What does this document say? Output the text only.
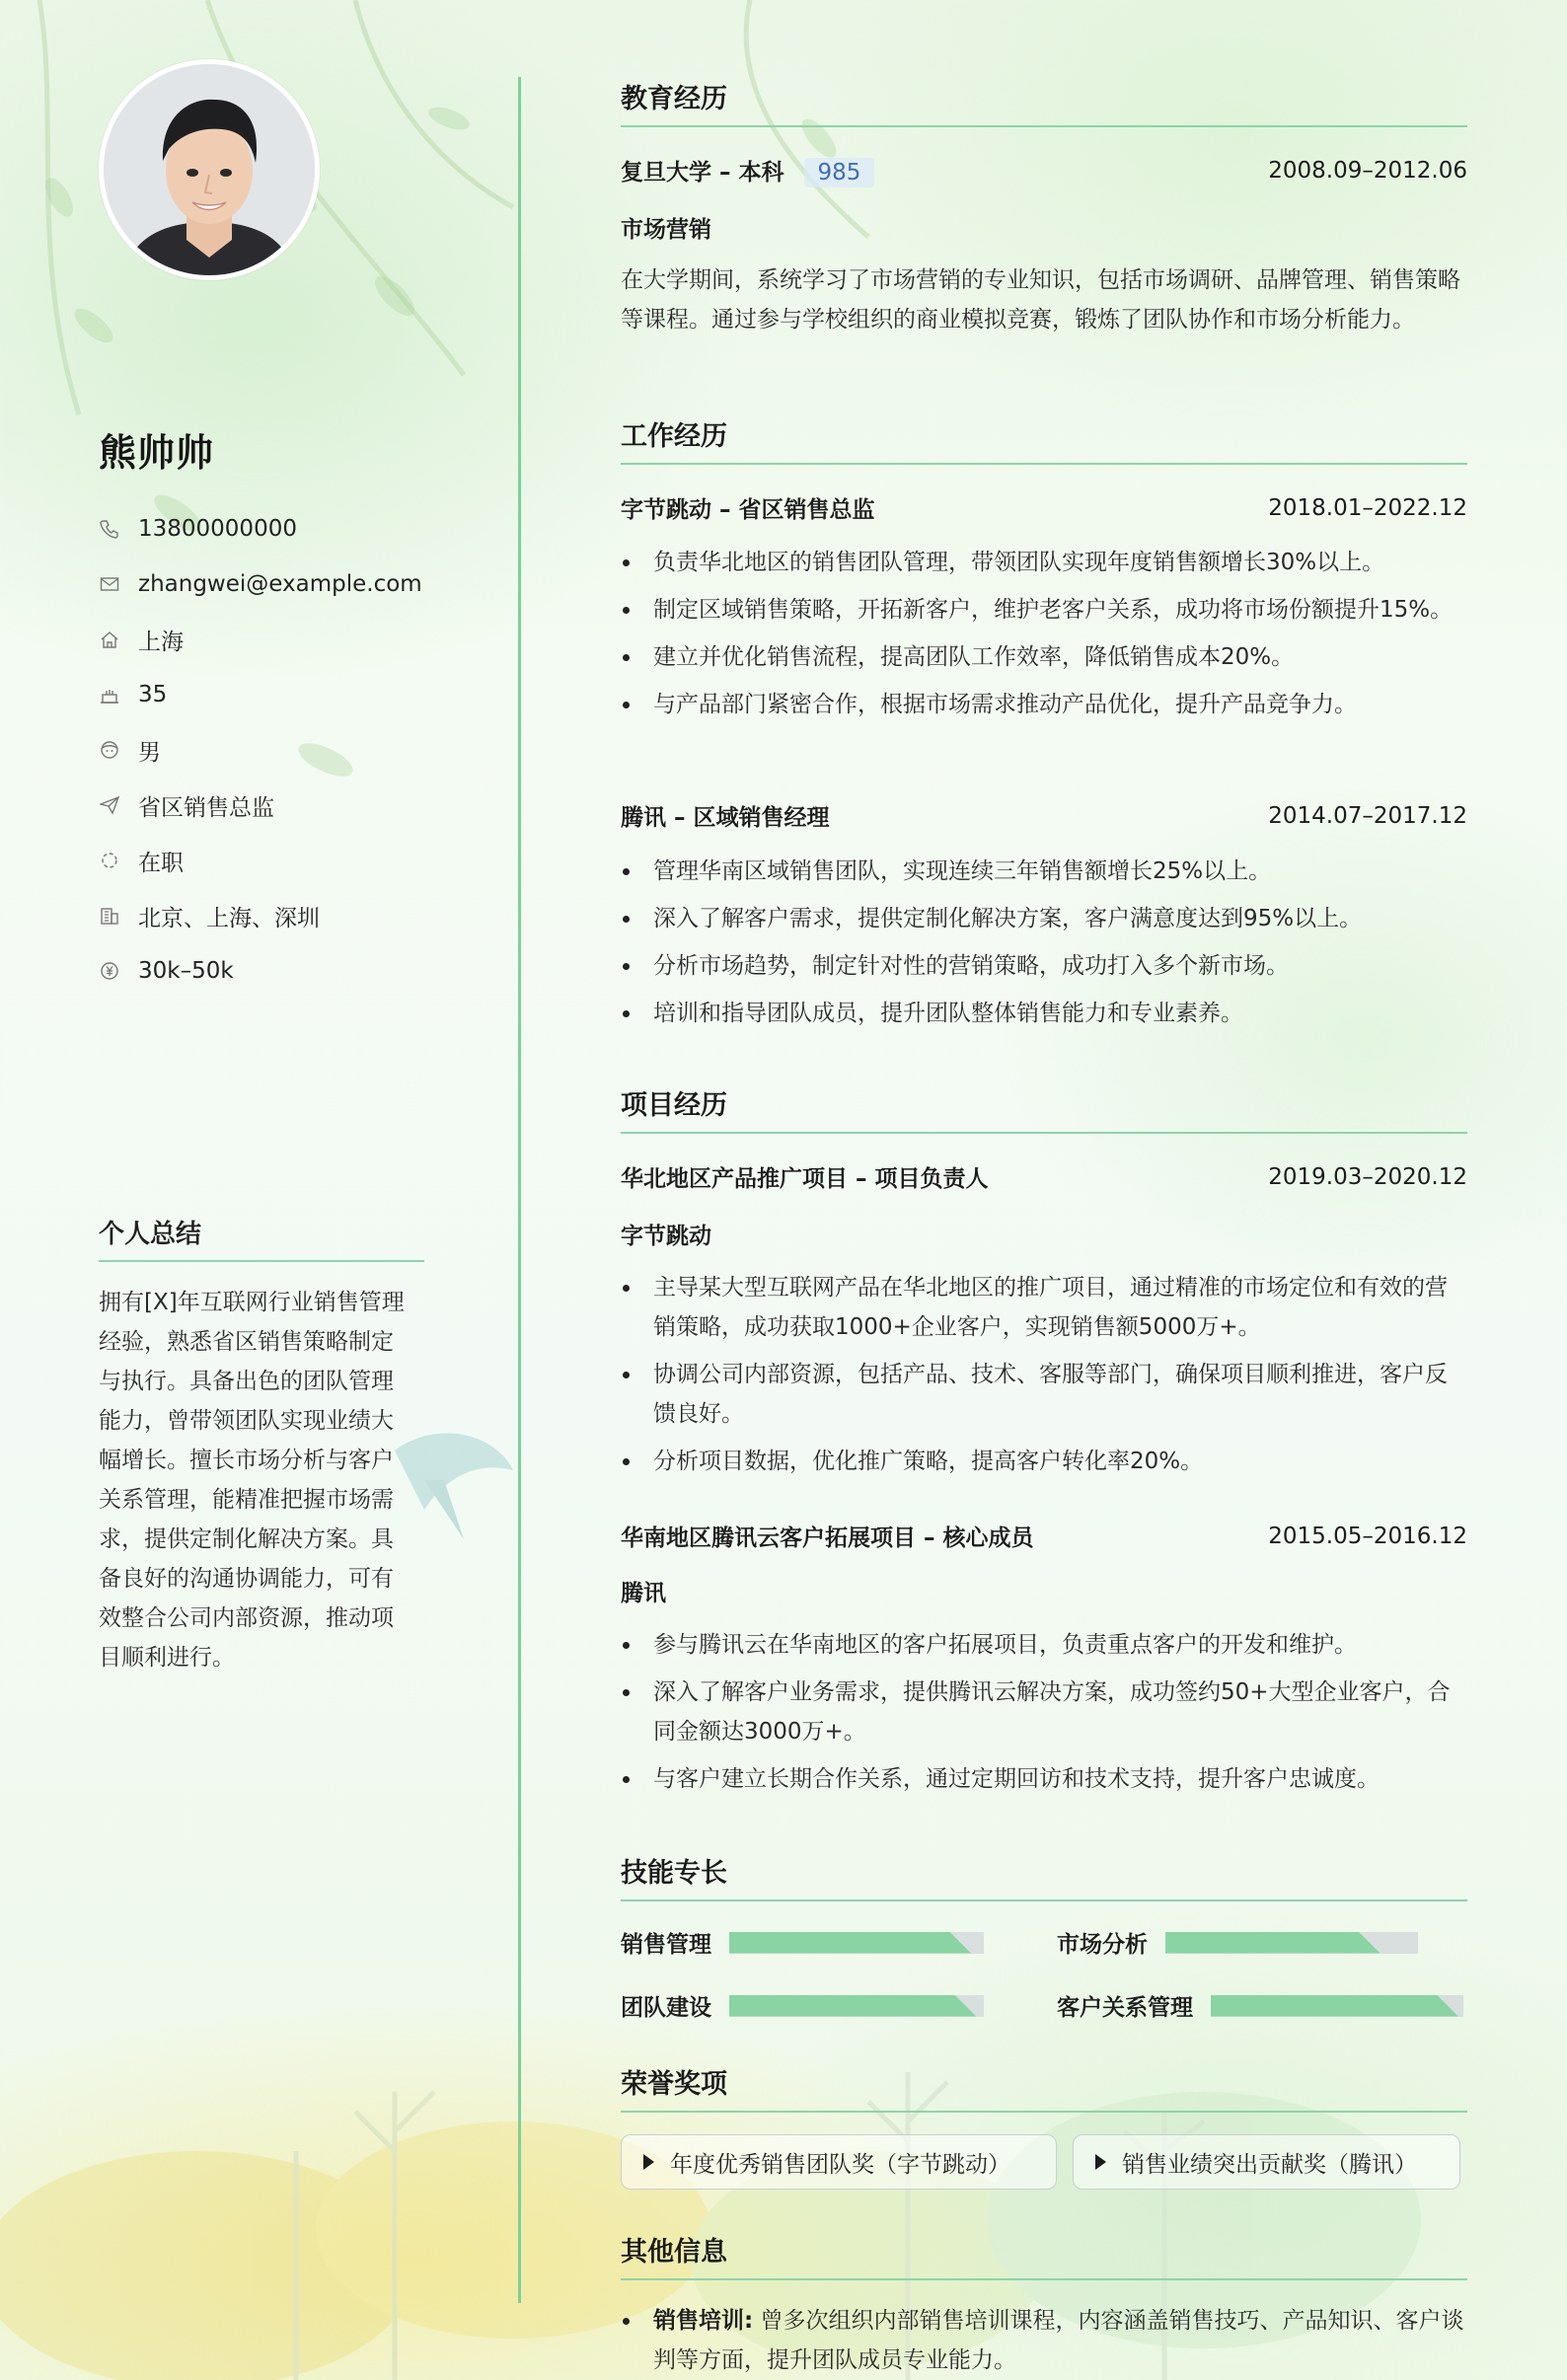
熊帅帅
13800000000
zhangwei@example.com
上海
35
男
省区销售总监
在职
北京、上海、深圳
30k–50k
个人总结
拥有[X]年互联网行业销售管理经验，熟悉省区销售策略制定与执行。具备出色的团队管理能力，曾带领团队实现业绩大幅增长。擅长市场分析与客户关系管理，能精准把握市场需求，提供定制化解决方案。具备良好的沟通协调能力，可有效整合公司内部资源，推动项目顺利进行。
教育经历
复旦大学 – 本科 985	2008.09–2012.06
市场营销
在大学期间，系统学习了市场营销的专业知识，包括市场调研、品牌管理、销售策略等课程。通过参与学校组织的商业模拟竞赛，锻炼了团队协作和市场分析能力。
工作经历
字节跳动 – 省区销售总监	2018.01–2022.12
负责华北地区的销售团队管理，带领团队实现年度销售额增长30%以上。
制定区域销售策略，开拓新客户，维护老客户关系，成功将市场份额提升15%。
建立并优化销售流程，提高团队工作效率，降低销售成本20%。
与产品部门紧密合作，根据市场需求推动产品优化，提升产品竞争力。
腾讯 – 区域销售经理	2014.07–2017.12
管理华南区域销售团队，实现连续三年销售额增长25%以上。
深入了解客户需求，提供定制化解决方案，客户满意度达到95%以上。
分析市场趋势，制定针对性的营销策略，成功打入多个新市场。
培训和指导团队成员，提升团队整体销售能力和专业素养。
项目经历
华北地区产品推广项目 – 项目负责人	2019.03–2020.12
字节跳动
主导某大型互联网产品在华北地区的推广项目，通过精准的市场定位和有效的营销策略，成功获取1000+企业客户，实现销售额5000万+。
协调公司内部资源，包括产品、技术、客服等部门，确保项目顺利推进，客户反馈良好。
分析项目数据，优化推广策略，提高客户转化率20%。
华南地区腾讯云客户拓展项目 – 核心成员	2015.05–2016.12
腾讯
参与腾讯云在华南地区的客户拓展项目，负责重点客户的开发和维护。
深入了解客户业务需求，提供腾讯云解决方案，成功签约50+大型企业客户，合同金额达3000万+。
与客户建立长期合作关系，通过定期回访和技术支持，提升客户忠诚度。
技能专长
销售管理	市场分析
团队建设	客户关系管理
荣誉奖项
年度优秀销售团队奖（字节跳动）	销售业绩突出贡献奖（腾讯）
其他信息
销售培训: 曾多次组织内部销售培训课程，内容涵盖销售技巧、产品知识、客户谈判等方面，提升团队成员专业能力。
